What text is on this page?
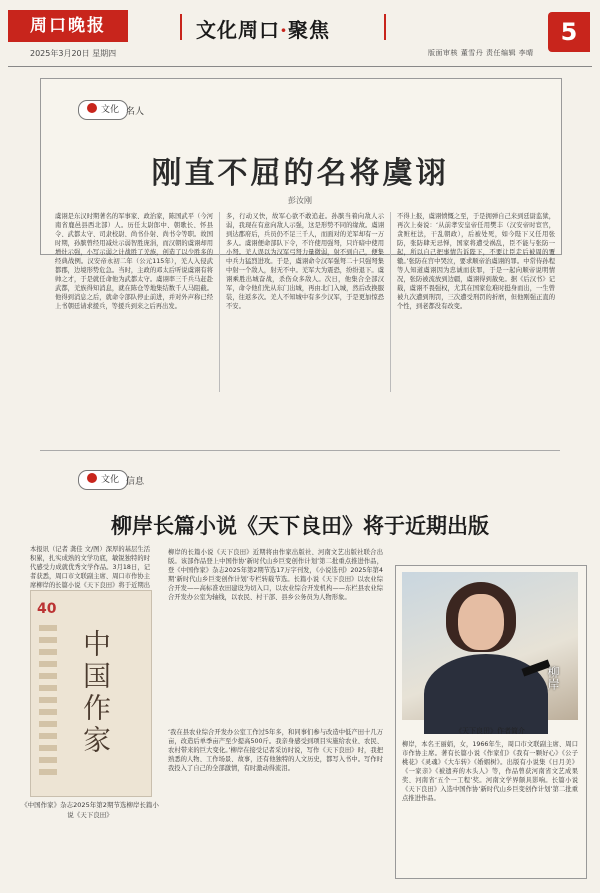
周口晚报
2025年3月20日 星期四
文化周口·聚焦
版面审核 董雪丹 责任编辑 李晴
5
文化 名人
刚直不屈的名将虞诩
彭汝刚
虞诩是东汉时期著名的军事家、政治家，陈国武平（今河南省鹿邑县西北部）人。历任太尉郎中、朝歌长、怀县令、武都太守、司隶校尉、尚书仆射、尚书令等职。故国时期，孙膑曾经用减灶示弱智胜庞涓，而汉朝的虞诩却用增灶示强，小写示弱之计战胜了羌族，创造了以少胜多的经典战例。汉安帝永初二年（公元115年），羌人入侵武都郡，边境形势危急。当时，主政的邓太后听说虞诩有将帅之才，于是就任命他为武都太守。虞诩率三千兵马赶赴武都，羌族得知消息，就在陈仓等地集结数千人马阻截。他得到消息之后，就命令部队停止前进，并对外声称已经上书朝廷请求援兵，等援兵到来之后再出发。
多，行动又快，故军心欲不敢追赶。孙膑当着向敌人示弱，我现在有意向敌人示强，这是形势不同的缘故。虞诩到达郡府后，兵员仍不足三千人，而面对的羌军却有一万多人。虞诩便命部队下令，不许使用强弩，只许暗中使用小弩。羌人误以为汉军弓弩力量微弱，射不到自己，便集中兵力猛烈进攻。于是，虞诩命令汉军强弩二十只强弩集中射一个敌人，射无不中。羌军大为震恐，纷纷退下。虞诩乘胜出城奋战，杀伤众多敌人。次日，他集合全部汉军，命令他们先从东门出城，再由北门入城，然后改换服装，往返多次。羌人不知城中有多少汉军，于是更加惊恐不安。
不得上报，虞诩愤慨之至，于是拥弹自己来到廷尉监狱，再次上奏说：‘从前孝安皇帝任用樊丰（汉安帝时宦官，贪赃枉法，干乱朝政），后被处死，如今陛下又任用张防，张防肆无忌惮，国家将遭受祸乱，臣不能与张防一起，所以自己把事情告诉陛下，不要让臣走后被周的覆辙。’张防在宫中哭泣，要求顺帝治虞诩的罪。中常侍孙程等人知道虞诩因为忠诚而获罪，于是一起向顺帝说明情况，张防被流放到边疆，虞诩得到赦免。据《后汉书》记载，虞诩不畏强权，尤其在国家危难时挺身而出，一生曾被九次遭到刑罚，三次遭受刑罚的折磨，但他刚强正直的个性，到老都没有改变。
文化 信息
柳岸长篇小说《天下良田》将于近期出版
本报讯（记者 龚佳 文/图）深厚的基层生活积累，扎实成熟的文学功底，敏锐独特的时代感受力成就优秀文学作品。3月18日，记者获悉，周口市文联副主席、周口市作协主席柳岸的长篇小说《天下良田》将于近期出
柳岸的长篇小说《天下良田》近期将由作家出版社、河南文艺出版社联合出版。该部作品登上中国作协‘新时代山乡巨变创作计划’第二批重点推进作品，登《中国作家》杂志2025年第2期节选17万字刊发，《小说选刊》2025年第4期‘新时代山乡巨变创作计划’专栏转载节选。长篇小说《天下良田》以农业综合开发——高标准农田建设为切入口，以农业综合开发机构——东栏县农业综合开发办公室为轴线，以农民、村干部、县乡公务员为人物形象。
‘我在县农业综合开发办公室工作过5年多，和同事们参与改造中低产田十几万亩，改造后单季亩产至少提高500斤。我亲身感受到项目实施给农业、农民、农村带来的巨大变化。’柳岸在接受记者采访时说，写作《天下良田》时，我把熟悉的人物、工作场景、故事，还有他独特的人文历史，都写入书中。写作时我投入了自己的全部激情，有时激动得流泪。
40
中国作家
《中国作家》杂志2025年第2期节选柳岸长篇小说《天下良田》
柳岸
《天下良田》作者简介
柳岸，本名王丽娟，女，1966年生，周口市文联副主席、周口市作协主席。著有长篇小说《作家们》《我有一颗好心》《公子桃花》《灵魂》《大车转》《婚姻树》。出版有小说集《日月美》《一家亲》《被遗弃的木头人》等，作品曾获河南省文艺成果奖、河南省‘五个一工程’奖。河南文学界颇具影响。长篇小说《天下良田》入选中国作协‘新时代山乡巨变创作计划’第二批重点推进作品。
